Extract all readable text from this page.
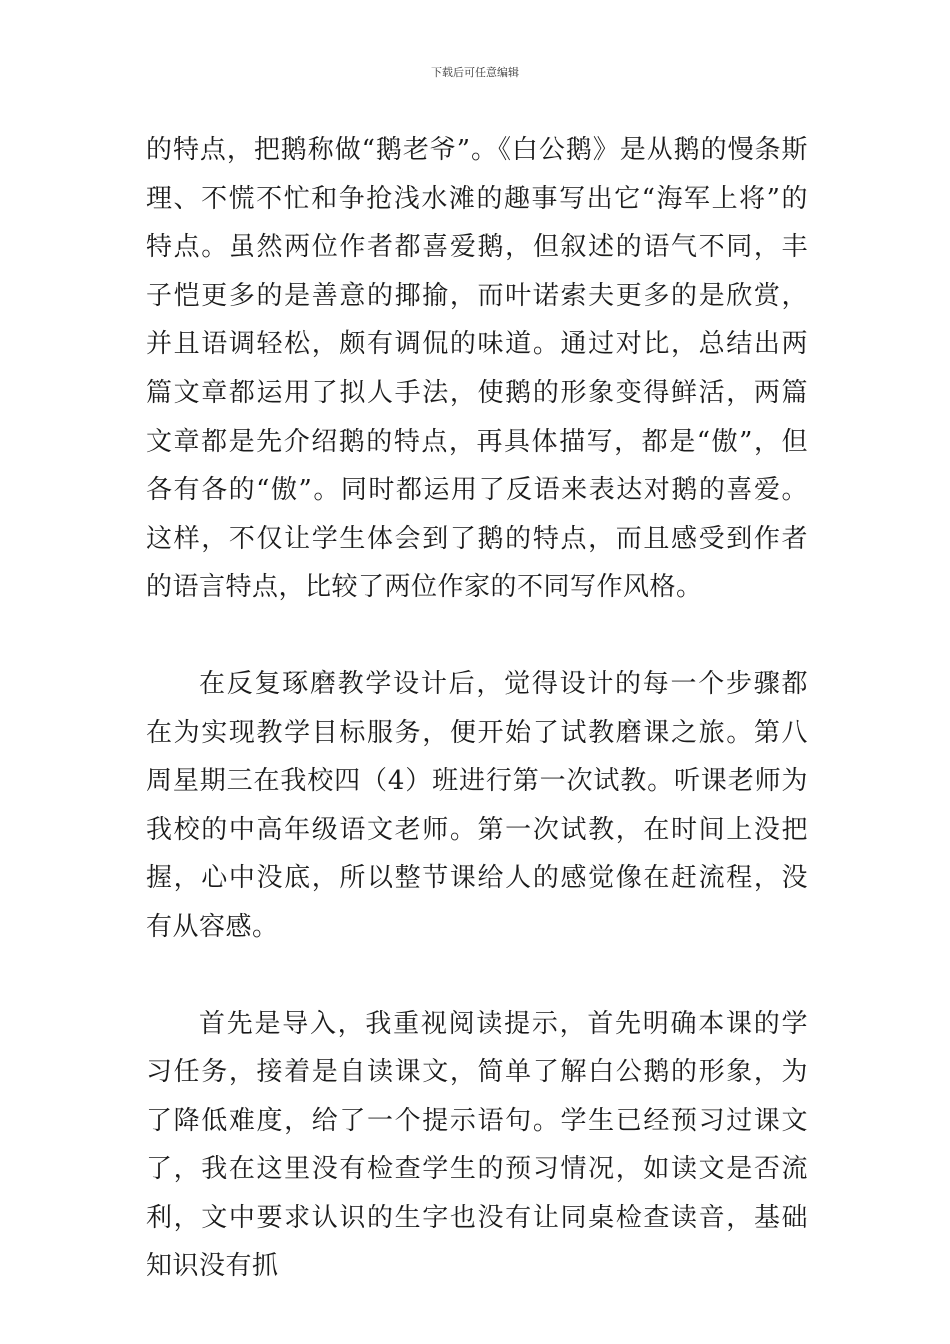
下载后可任意编辑

的特点，把鹅称做“鹅老爷”。《白公鹅》是从鹅的慢条斯理、不慌不忙和争抢浅水滩的趣事写出它“海军上将”的特点。虽然两位作者都喜爱鹅，但叙述的语气不同，丰子恺更多的是善意的揶揄，而叶诺索夫更多的是欣赏，并且语调轻松，颇有调侃的味道。通过对比，总结出两篇文章都运用了拟人手法，使鹅的形象变得鲜活，两篇文章都是先介绍鹅的特点，再具体描写，都是“傲”，但各有各的“傲”。同时都运用了反语来表达对鹅的喜爱。这样，不仅让学生体会到了鹅的特点，而且感受到作者的语言特点，比较了两位作家的不同写作风格。

在反复琢磨教学设计后，觉得设计的每一个步骤都在为实现教学目标服务，便开始了试教磨课之旅。第八周星期三在我校四（4）班进行第一次试教。听课老师为我校的中高年级语文老师。第一次试教，在时间上没把握，心中没底，所以整节课给人的感觉像在赶流程，没有从容感。

首先是导入，我重视阅读提示，首先明确本课的学习任务，接着是自读课文，简单了解白公鹅的形象，为了降低难度，给了一个提示语句。学生已经预习过课文了，我在这里没有检查学生的预习情况，如读文是否流利，文中要求认识的生字也没有让同桌检查读音，基础知识没有抓
